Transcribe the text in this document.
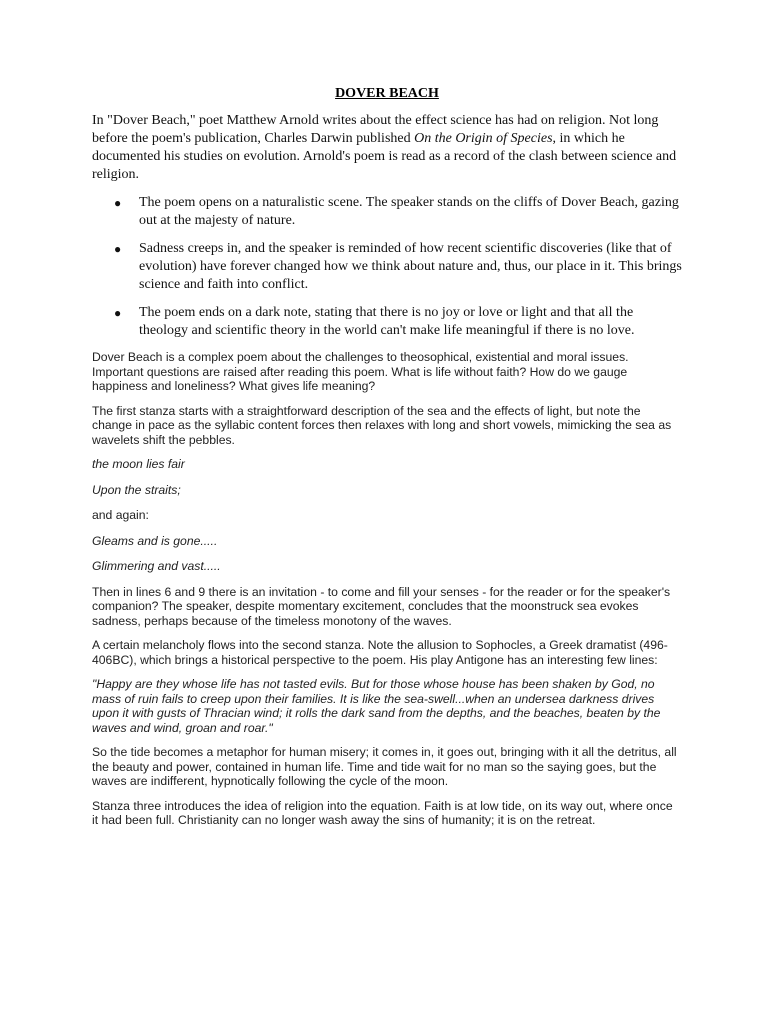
DOVER BEACH

In "Dover Beach," poet Matthew Arnold writes about the effect science has had on religion. Not long before the poem's publication, Charles Darwin published On the Origin of Species, in which he documented his studies on evolution. Arnold's poem is read as a record of the clash between science and religion.

● The poem opens on a naturalistic scene. The speaker stands on the cliffs of Dover Beach, gazing out at the majesty of nature.
● Sadness creeps in, and the speaker is reminded of how recent scientific discoveries (like that of evolution) have forever changed how we think about nature and, thus, our place in it. This brings science and faith into conflict.
● The poem ends on a dark note, stating that there is no joy or love or light and that all the theology and scientific theory in the world can't make life meaningful if there is no love.

Dover Beach is a complex poem about the challenges to theosophical, existential and moral issues. Important questions are raised after reading this poem. What is life without faith? How do we gauge happiness and loneliness? What gives life meaning?

The first stanza starts with a straightforward description of the sea and the effects of light, but note the change in pace as the syllabic content forces then relaxes with long and short vowels, mimicking the sea as wavelets shift the pebbles.

the moon lies fair

Upon the straits;

and again:

Gleams and is gone.....

Glimmering and vast.....

Then in lines 6 and 9 there is an invitation - to come and fill your senses - for the reader or for the speaker's companion? The speaker, despite momentary excitement, concludes that the moonstruck sea evokes sadness, perhaps because of the timeless monotony of the waves.

A certain melancholy flows into the second stanza. Note the allusion to Sophocles, a Greek dramatist (496-406BC), which brings a historical perspective to the poem. His play Antigone has an interesting few lines:

"Happy are they whose life has not tasted evils. But for those whose house has been shaken by God, no mass of ruin fails to creep upon their families. It is like the sea-swell...when an undersea darkness drives upon it with gusts of Thracian wind; it rolls the dark sand from the depths, and the beaches, beaten by the waves and wind, groan and roar."

So the tide becomes a metaphor for human misery; it comes in, it goes out, bringing with it all the detritus, all the beauty and power, contained in human life. Time and tide wait for no man so the saying goes, but the waves are indifferent, hypnotically following the cycle of the moon.

Stanza three introduces the idea of religion into the equation. Faith is at low tide, on its way out, where once it had been full. Christianity can no longer wash away the sins of humanity; it is on the retreat.
